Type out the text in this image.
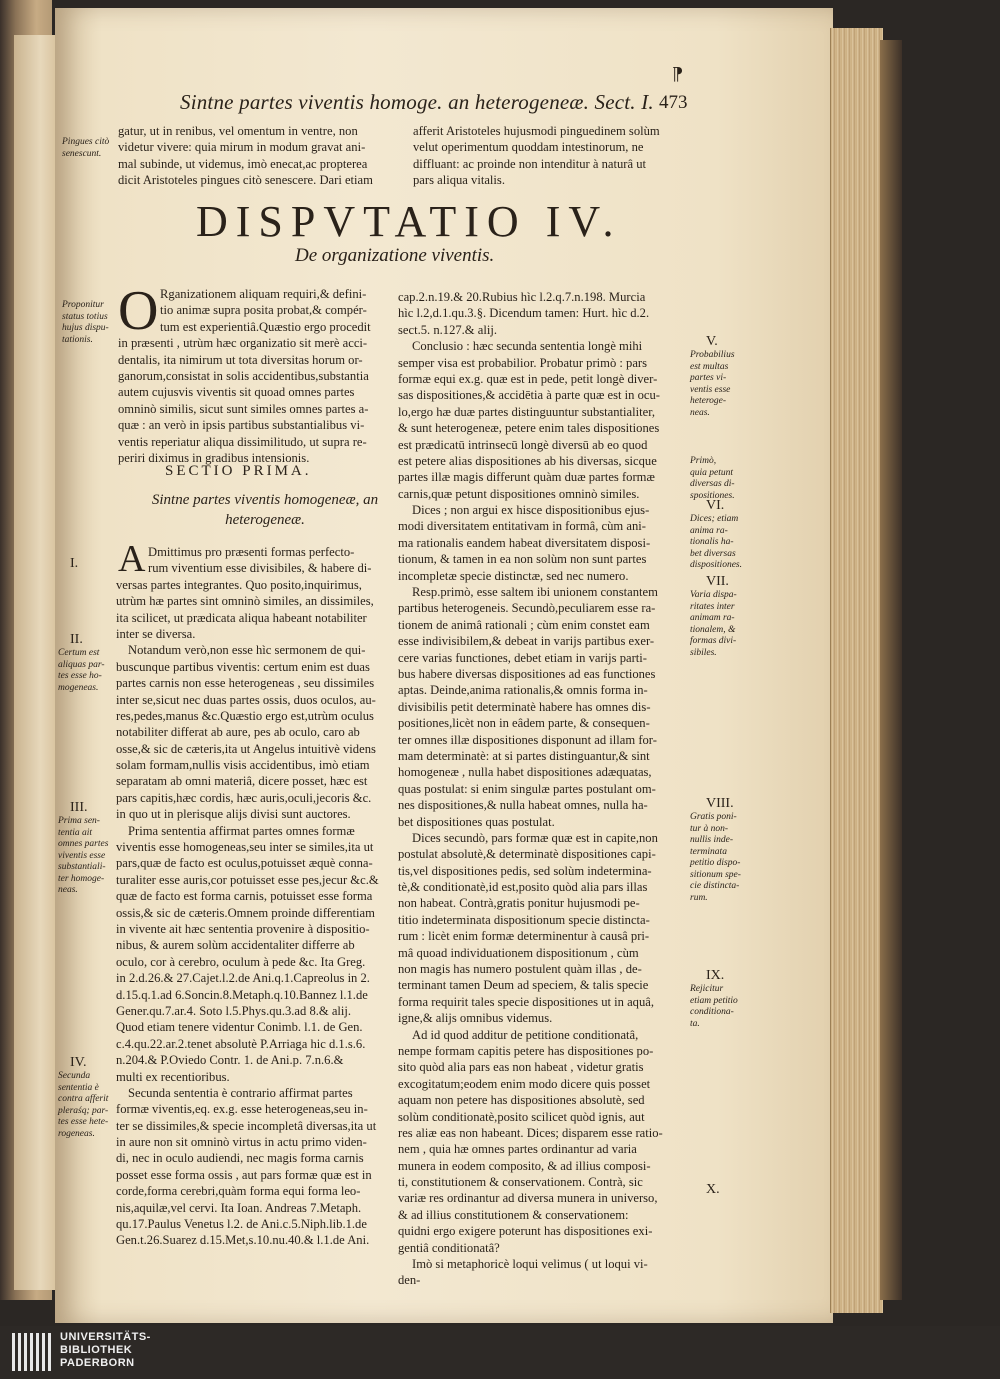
⁋
Sintne partes viventis homoge. an heterogeneæ. Sect. I. 473
Pingues citò
senescunt.
gatur, ut in renibus, vel omentum in ventre, non
videtur vivere: quia mirum in modum gravat ani-
mal subinde, ut videmus, imò enecat,ac propterea
dicit Aristoteles pingues citò senescere. Dari etiam
afferit Aristoteles hujusmodi pinguedinem solùm
velut operimentum quoddam intestinorum, ne
diffluant: ac proinde non intenditur à naturâ ut
pars aliqua vitalis.
DISPVTATIO IV.
De organizatione viventis.
O Rganizationem aliquam requiri,& defini-
tio animæ supra posita probat,& compér-
tum est experientiâ.Quæstio ergo procedit
in præsenti , utrùm hæc organizatio sit merè acci-
dentalis, ita nimirum ut tota diversitas horum or-
ganorum,consistat in solis accidentibus,substantia
autem cujusvis viventis sit quoad omnes partes
omninò similis, sicut sunt similes omnes partes a-
quæ : an verò in ipsis partibus substantialibus vi-
ventis reperiatur aliqua dissimilitudo, ut supra re-
periri diximus in gradibus intensionis.
Proponitur
status totius
hujus dispu-
tationis.
SECTIO PRIMA.
Sintne partes viventis homogeneæ, an heterogeneæ.
A Dmittimus pro præsenti formas perfecto-
rum viventium esse divisibiles, & habere di-
versas partes integrantes. Quo posito,inquirimus,
utrùm hæ partes sint omninò similes, an dissimiles,
ita scilicet, ut prædicata aliqua habeant notabiliter
inter se diversa.
Notandum verò,non esse hìc sermonem de qui-
buscunque partibus viventis: certum enim est duas
partes carnis non esse heterogeneas , seu dissimiles
inter se,sicut nec duas partes ossis, duos oculos, au-
res,pedes,manus &c.Quæstio ergo est,utrùm oculus
notabiliter differat ab aure, pes ab oculo, caro ab
osse,& sic de cæteris,ita ut Angelus intuitivè videns
solam formam,nullis visis accidentibus, imò etiam
separatam ab omni materiâ, dicere posset, hæc est
pars capitis,hæc cordis, hæc auris,oculi,jecoris &c.
in quo ut in plerisque alijs divisi sunt auctores.
Prima sententia affirmat partes omnes formæ
viventis esse homogeneas,seu inter se similes,ita ut
pars,quæ de facto est oculus,potuisset æquè conna-
turaliter esse auris,cor potuisset esse pes,jecur &c.&
quæ de facto est forma carnis, potuisset esse forma
ossis,& sic de cæteris.Omnem proinde differentiam
in vivente ait hæc sententia provenire à dispositio-
nibus, & aurem solùm accidentaliter differre ab
oculo, cor à cerebro, oculum à pede &c. Ita Greg.
in 2.d.26.& 27.Cajet.l.2.de Ani.q.1.Capreolus in 2.
d.15.q.1.ad 6.Soncin.8.Metaph.q.10.Bannez l.1.de
Gener.qu.7.ar.4. Soto l.5.Phys.qu.3.ad 8.& alij.
Quod etiam tenere videntur Conimb. l.1. de Gen.
c.4.qu.22.ar.2.tenet absolutè P.Arriaga hic d.1.s.6.
n.204.& P.Oviedo Contr. 1. de Ani.p. 7.n.6.&
multi ex recentioribus.
Secunda sententia è contrario affirmat partes
formæ viventis,eq. ex.g. esse heterogeneas,seu in-
ter se dissimiles,& specie incompletâ diversas,ita ut
in aure non sit omninò virtus in actu primo viden-
di, nec in oculo audiendi, nec magis forma carnis
posset esse forma ossis , aut pars formæ quæ est in
corde,forma cerebri,quàm forma equi forma leo-
nis,aquilæ,vel cervi. Ita Ioan. Andreas 7.Metaph.
qu.17.Paulus Venetus l.2. de Ani.c.5.Niph.lib.1.de
Gen.t.26.Suarez d.15.Met,s.10.nu.40.& l.1.de Ani.
cap.2.n.19.& 20.Rubius hìc l.2.q.7.n.198. Murcia
hìc l.2,d.1.qu.3.§. Dicendum tamen: Hurt. hìc d.2.
sect.5. n.127.& alij.
Conclusio : hæc secunda sententia longè mihi
semper visa est probabilior. Probatur primò : pars
formæ equi ex.g. quæ est in pede, petit longè diver-
sas dispositiones,& accidētia à parte quæ est in ocu-
lo,ergo hæ duæ partes distinguuntur substantialiter,
& sunt heterogeneæ, petere enim tales dispositiones
est prædicatū intrinsecū longè diversū ab eo quod
est petere alias dispositiones ab his diversas, sicque
partes illæ magis differunt quàm duæ partes formæ
carnis,quæ petunt dispositiones omninò similes.
Dices ; non argui ex hisce dispositionibus ejus-
modi diversitatem entitativam in formâ, cùm ani-
ma rationalis eandem habeat diversitatem disposi-
tionum, & tamen in ea non solùm non sunt partes
incompletæ specie distinctæ, sed nec numero.
Resp.primò, esse saltem ibi unionem constantem
partibus heterogeneis. Secundò,peculiarem esse ra-
tionem de animâ rationali ; cùm enim constet eam
esse indivisibilem,& debeat in varijs partibus exer-
cere varias functiones, debet etiam in varijs parti-
bus habere diversas dispositiones ad eas functiones
aptas. Deinde,anima rationalis,& omnis forma in-
divisibilis petit determinatè habere has omnes dis-
positiones,licèt non in eâdem parte, & consequen-
ter omnes illæ dispositiones disponunt ad illam for-
mam determinatè: at si partes distinguantur,& sint
homogeneæ , nulla habet dispositiones adæquatas,
quas postulat: si enim singulæ partes postulant om-
nes dispositiones,& nulla habeat omnes, nulla ha-
bet dispositiones quas postulat.
Dices secundò, pars formæ quæ est in capite,non
postulat absolutè,& determinatè dispositiones capi-
tis,vel dispositiones pedis, sed solùm indetermina-
tè,& conditionatè,id est,posito quòd alia pars illas
non habeat. Contrà,gratis ponitur hujusmodi pe-
titio indeterminata dispositionum specie distincta-
rum : licèt enim formæ determinentur à causâ pri-
mâ quoad individuationem dispositionum , cùm
non magis has numero postulent quàm illas , de-
terminant tamen Deum ad speciem, & talis specie
forma requirit tales specie dispositiones ut in aquâ,
igne,& alijs omnibus videmus.
Ad id quod additur de petitione conditionatâ,
nempe formam capitis petere has dispositiones po-
sito quòd alia pars eas non habeat , videtur gratis
excogitatum;eodem enim modo dicere quis posset
aquam non petere has dispositiones absolutè, sed
solùm conditionatè,posito scilicet quòd ignis, aut
res aliæ eas non habeant. Dices; disparem esse ratio-
nem , quia hæ omnes partes ordinantur ad varia
munera in eodem composito, & ad illius composi-
ti, constitutionem & conservationem. Contrà, sic
variæ res ordinantur ad diversa munera in universo,
& ad illius constitutionem & conservationem:
quidni ergo exigere poterunt has dispositiones exi-
gentiâ conditionatâ?
Imò si metaphoricè loqui velimus ( ut loqui vi-
den-
I.
II.
Certum est
aliquas par-
tes esse ho-
mogeneas.
III.
Prima sen-
tentia ait
omnes partes
viventis esse
substantiali-
ter homoge-
neas.
IV.
Secunda
sententia è
contra afferit
pleraśq; par-
tes esse hete-
rogeneas.
V.
Probabilius
est multas
partes vi-
ventis esse
heteroge-
neas.
Primò,
quia petunt
diversas di-
spositiones.
VI.
Dices; etiam
anima ra-
tionalis ha-
bet diversas
dispositiones.
VII.
Varia dispa-
ritates inter
animam ra-
tionalem, &
formas divi-
sibiles.
VIII.
Gratis poni-
tur à non-
nullis inde-
terminata
petitio dispo-
sitionum spe-
cie distincta-
rum.
IX.
Rejicitur
etiam petitio
conditiona-
ta.
X.
UNIVERSITÄTS-
BIBLIOTHEK
PADERBORN
